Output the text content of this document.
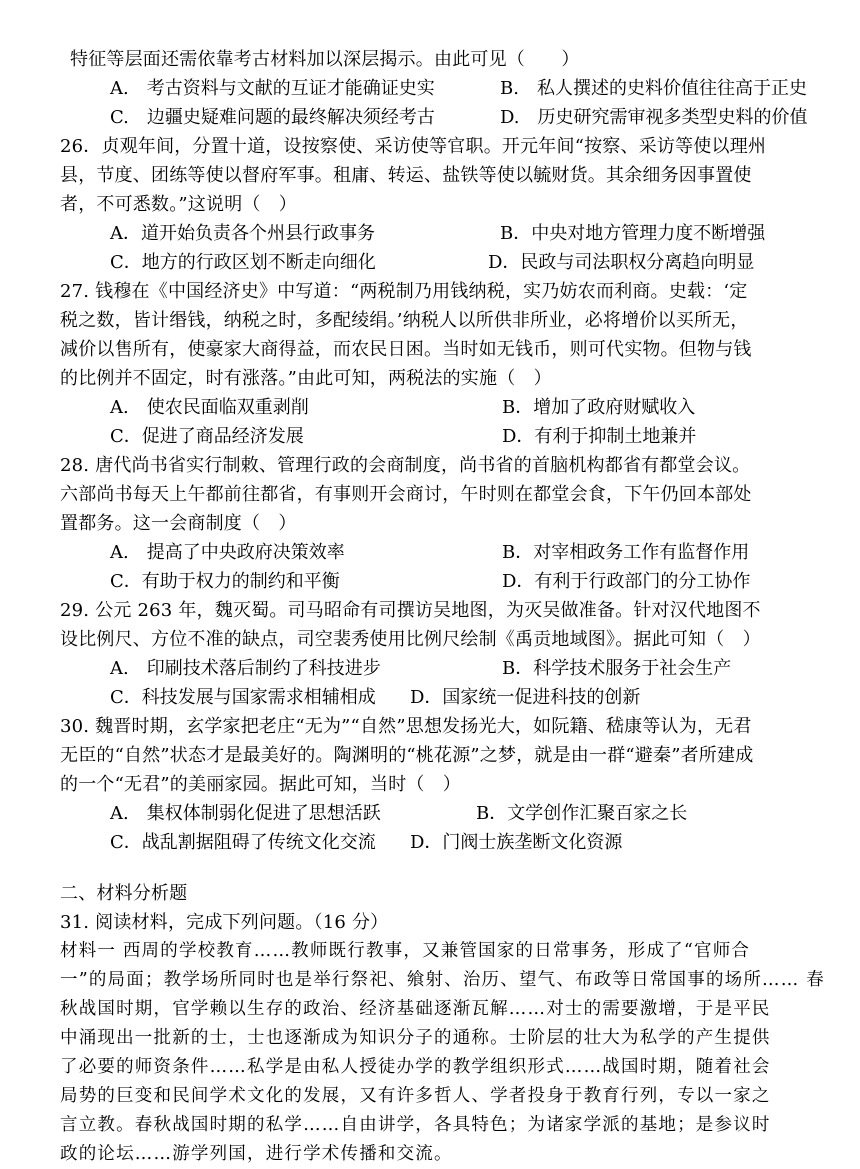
特征等层面还需依靠考古材料加以深层揭示。由此可见（　　）
A.　考古资料与文献的互证才能确证史实	B.　私人撰述的史料价值往往高于正史
C.　边疆史疑难问题的最终解决须经考古	D.　历史研究需审视多类型史料的价值
26．贞观年间，分置十道，设按察使、采访使等官职。开元年间“按察、采访等使以理州
县，节度、团练等使以督府军事。租庸、转运、盐铁等使以毓财货。其余细务因事置使
者，不可悉数。”这说明（　）
A．道开始负责各个州县行政事务	B．中央对地方管理力度不断增强
C．地方的行政区划不断走向细化	D．民政与司法职权分离趋向明显
27. 钱穆在《中国经济史》中写道：“两税制乃用钱纳税，实乃妨农而利商。史载：‘定
税之数，皆计缗钱，纳税之时，多配绫绢。’纳税人以所供非所业，必将增价以买所无，
减价以售所有，使豪家大商得益，而农民日困。当时如无钱币，则可代实物。但物与钱
的比例并不固定，时有涨落。”由此可知，两税法的实施（　）
A.　使农民面临双重剥削	B．增加了政府财赋收入
C．促进了商品经济发展	D．有利于抑制土地兼并
28. 唐代尚书省实行制敕、管理行政的会商制度，尚书省的首脑机构都省有都堂会议。
六部尚书每天上午都前往都省，有事则开会商讨，午时则在都堂会食，下午仍回本部处
置都务。这一会商制度（　）
A.　提高了中央政府决策效率	B．对宰相政务工作有监督作用
C．有助于权力的制约和平衡	D．有利于行政部门的分工协作
29. 公元 263 年，魏灭蜀。司马昭命有司撰访吴地图，为灭吴做准备。针对汉代地图不
设比例尺、方位不准的缺点，司空裴秀使用比例尺绘制《禹贡地域图》。据此可知（　）
A.　印刷技术落后制约了科技进步	B．科学技术服务于社会生产
C．科技发展与国家需求相辅相成	D．国家统一促进科技的创新
30. 魏晋时期，玄学家把老庄“无为”“自然”思想发扬光大，如阮籍、嵇康等认为，无君
无臣的“自然”状态才是最美好的。陶渊明的“桃花源”之梦，就是由一群“避秦”者所建成
的一个“无君”的美丽家园。据此可知，当时（　）
A.　集权体制弱化促进了思想活跃	B．文学创作汇聚百家之长
C．战乱割据阻碍了传统文化交流	D．门阀士族垄断文化资源
二、材料分析题
31. 阅读材料，完成下列问题。（16 分）
材料一 西周的学校教育……教师既行教事，又兼管国家的日常事务，形成了“官师合
一”的局面；教学场所同时也是举行祭祀、飨射、治历、望气、布政等日常国事的场所…… 春
秋战国时期，官学赖以生存的政治、经济基础逐渐瓦解……对士的需要激增，于是平民
中涌现出一批新的士，士也逐渐成为知识分子的通称。士阶层的壮大为私学的产生提供
了必要的师资条件……私学是由私人授徒办学的教学组织形式……战国时期，随着社会
局势的巨变和民间学术文化的发展，又有许多哲人、学者投身于教育行列，专以一家之
言立教。春秋战国时期的私学……自由讲学，各具特色；为诸家学派的基地；是参议时
政的论坛……游学列国，进行学术传播和交流。
